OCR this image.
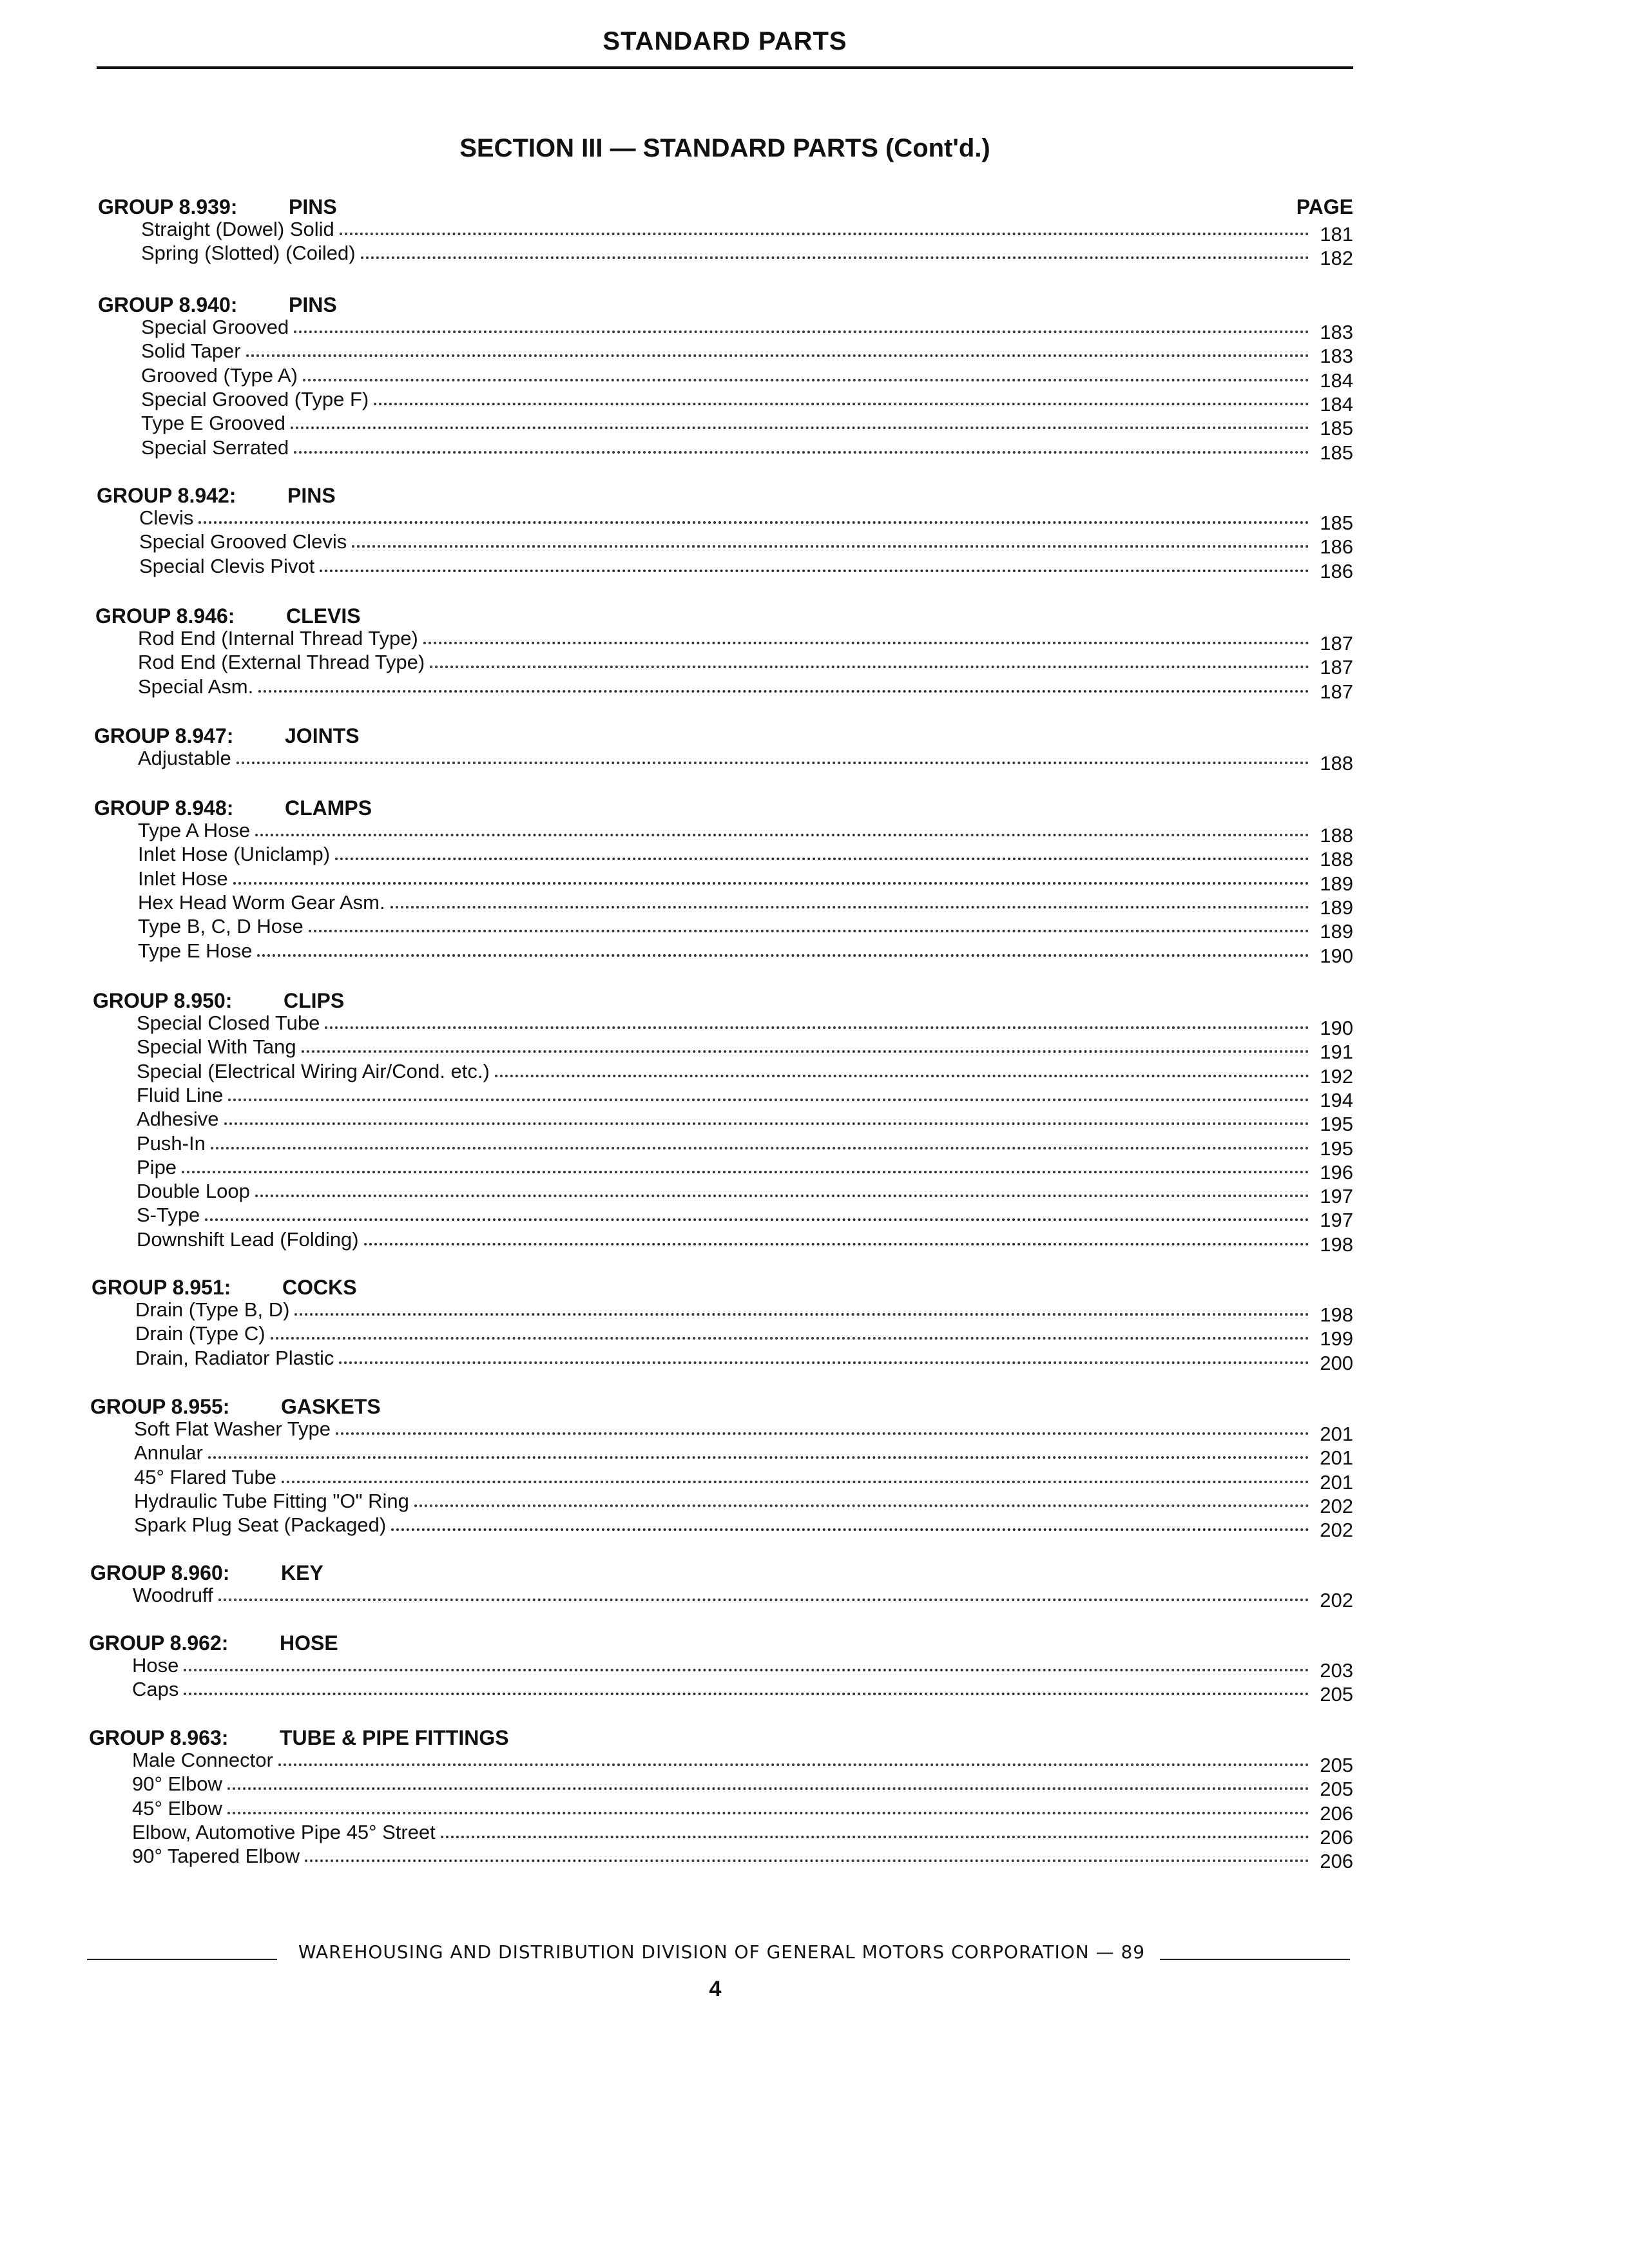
STANDARD PARTS
SECTION III — STANDARD PARTS (Cont'd.)
PAGE
GROUP 8.939: PINS
Straight (Dowel) Solid	181
Spring (Slotted) (Coiled)	182
GROUP 8.940: PINS
Special Grooved	183
Solid Taper	183
Grooved (Type A)	184
Special Grooved (Type F)	184
Type E Grooved	185
Special Serrated	185
GROUP 8.942: PINS
Clevis	185
Special Grooved Clevis	186
Special Clevis Pivot	186
GROUP 8.946: CLEVIS
Rod End (Internal Thread Type)	187
Rod End (External Thread Type)	187
Special Asm.	187
GROUP 8.947: JOINTS
Adjustable	188
GROUP 8.948: CLAMPS
Type A Hose	188
Inlet Hose (Uniclamp)	188
Inlet Hose	189
Hex Head Worm Gear Asm.	189
Type B, C, D Hose	189
Type E Hose	190
GROUP 8.950: CLIPS
Special Closed Tube	190
Special With Tang	191
Special (Electrical Wiring Air/Cond. etc.)	192
Fluid Line	194
Adhesive	195
Push-In	195
Pipe	196
Double Loop	197
S-Type	197
Downshift Lead (Folding)	198
GROUP 8.951: COCKS
Drain (Type B, D)	198
Drain (Type C)	199
Drain, Radiator Plastic	200
GROUP 8.955: GASKETS
Soft Flat Washer Type	201
Annular	201
45° Flared Tube	201
Hydraulic Tube Fitting "O" Ring	202
Spark Plug Seat (Packaged)	202
GROUP 8.960: KEY
Woodruff	202
GROUP 8.962: HOSE
Hose	203
Caps	205
GROUP 8.963: TUBE & PIPE FITTINGS
Male Connector	205
90° Elbow	205
45° Elbow	206
Elbow, Automotive Pipe 45° Street	206
90° Tapered Elbow	206
WAREHOUSING AND DISTRIBUTION DIVISION OF GENERAL MOTORS CORPORATION — 89
4
